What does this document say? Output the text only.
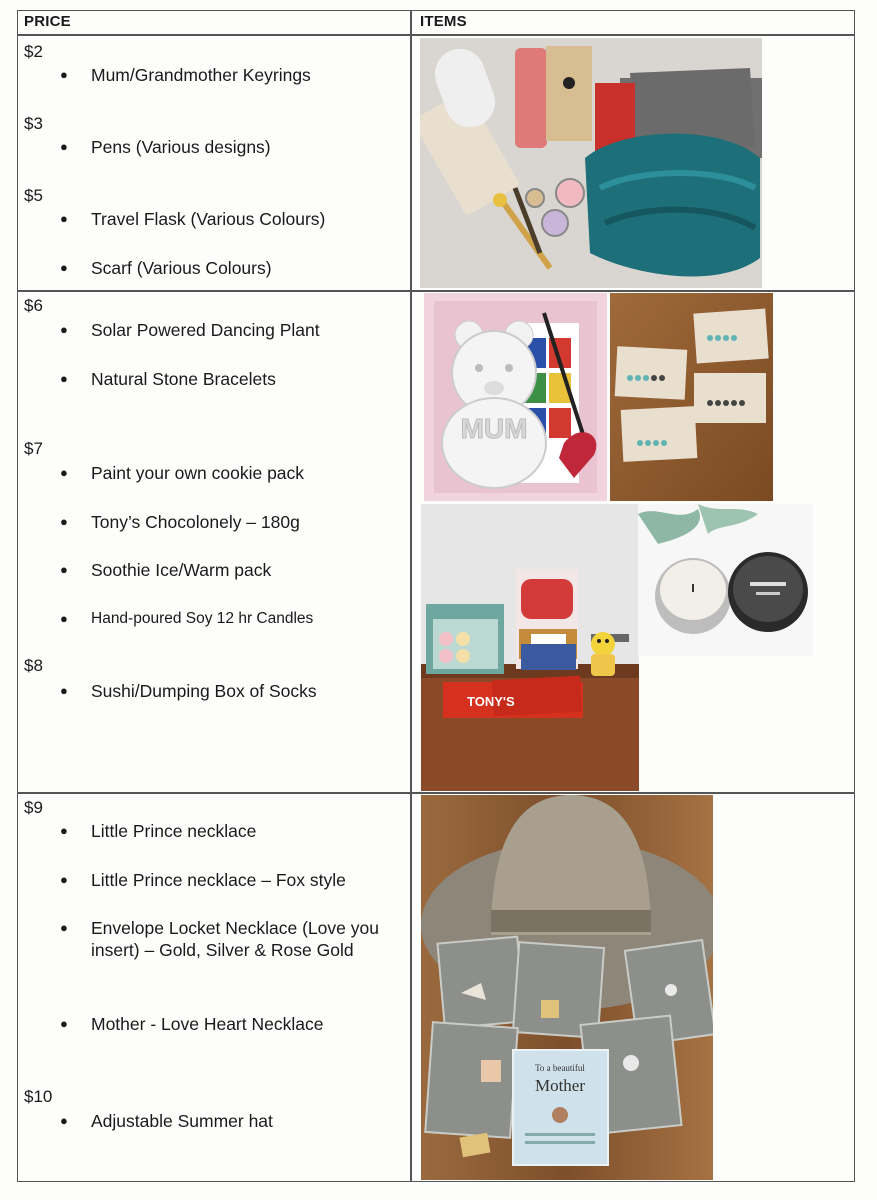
PRICE	ITEMS
$2
● Mum/Grandmother Keyrings
$3
● Pens (Various designs)
$5
● Travel Flask (Various Colours)
● Scarf (Various Colours)
$6
● Solar Powered Dancing Plant
● Natural Stone Bracelets
$7
● Paint your own cookie pack
● Tony’s Chocolonely – 180g
● Soothie Ice/Warm pack
● Hand-poured Soy 12 hr Candles
$8
● Sushi/Dumping Box of Socks
$9
● Little Prince necklace
● Little Prince necklace – Fox style
● Envelope Locket Necklace (Love you insert) – Gold, Silver & Rose Gold
● Mother - Love Heart Necklace
$10
● Adjustable Summer hat
MUM
TONY'S
To a beautiful
Mother
